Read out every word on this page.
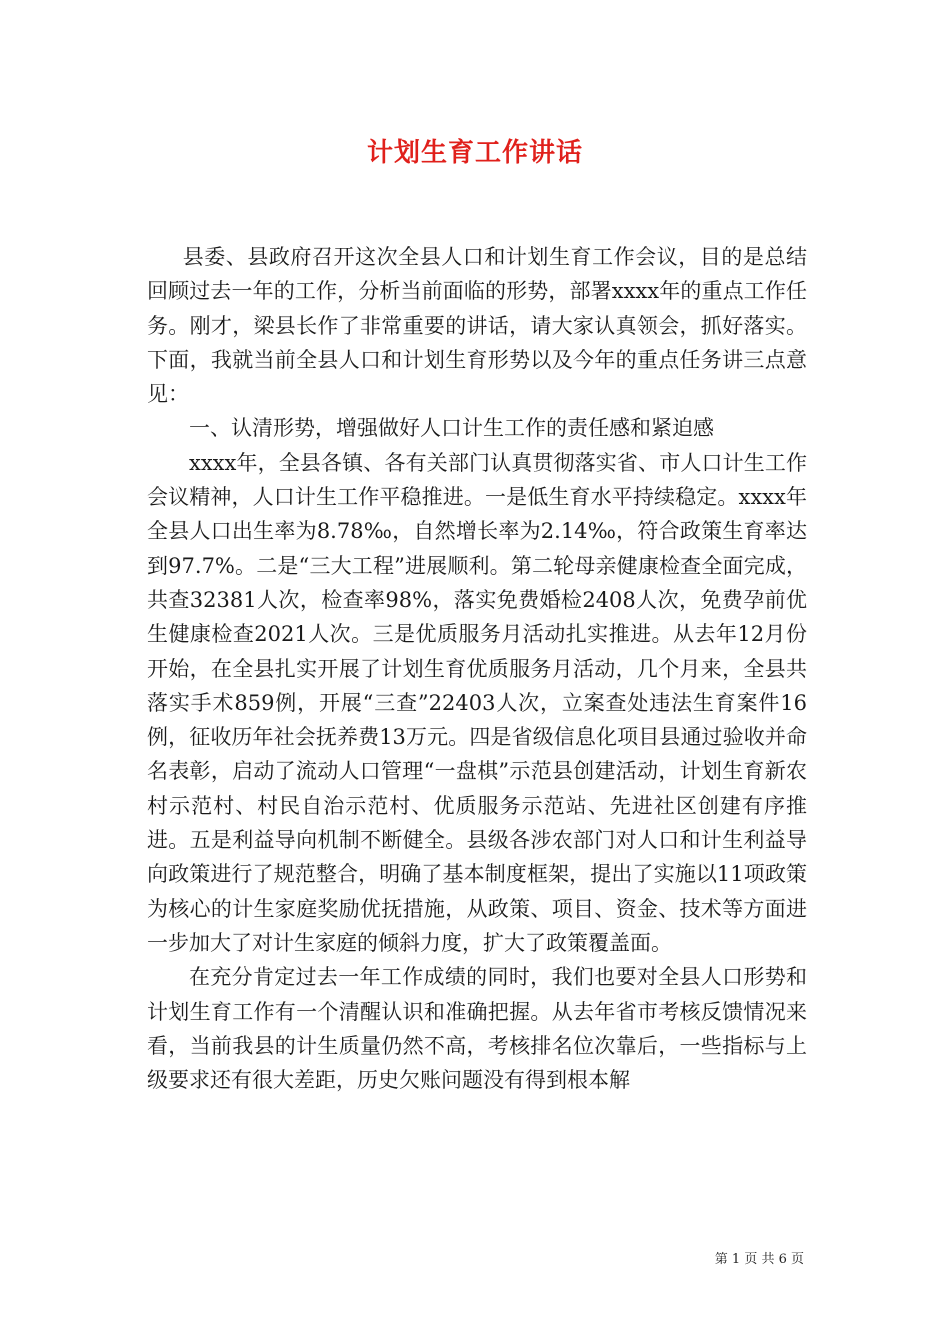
计划生育工作讲话

县委、县政府召开这次全县人口和计划生育工作会议，目的是总结回顾过去一年的工作，分析当前面临的形势，部署xxxx年的重点工作任务。刚才，梁县长作了非常重要的讲话，请大家认真领会，抓好落实。下面，我就当前全县人口和计划生育形势以及今年的重点任务讲三点意见：

一、认清形势，增强做好人口计生工作的责任感和紧迫感

xxxx年，全县各镇、各有关部门认真贯彻落实省、市人口计生工作会议精神，人口计生工作平稳推进。一是低生育水平持续稳定。xxxx年全县人口出生率为8.78‰，自然增长率为2.14‰，符合政策生育率达到97.7%。二是“三大工程”进展顺利。第二轮母亲健康检查全面完成，共查32381人次，检查率98%，落实免费婚检2408人次，免费孕前优生健康检查2021人次。三是优质服务月活动扎实推进。从去年12月份开始，在全县扎实开展了计划生育优质服务月活动，几个月来，全县共落实手术859例，开展“三查”22403人次，立案查处违法生育案件16例，征收历年社会抚养费13万元。四是省级信息化项目县通过验收并命名表彰，启动了流动人口管理“一盘棋”示范县创建活动，计划生育新农村示范村、村民自治示范村、优质服务示范站、先进社区创建有序推进。五是利益导向机制不断健全。县级各涉农部门对人口和计生利益导向政策进行了规范整合，明确了基本制度框架，提出了实施以11项政策为核心的计生家庭奖励优抚措施，从政策、项目、资金、技术等方面进一步加大了对计生家庭的倾斜力度，扩大了政策覆盖面。

在充分肯定过去一年工作成绩的同时，我们也要对全县人口形势和计划生育工作有一个清醒认识和准确把握。从去年省市考核反馈情况来看，当前我县的计生质量仍然不高，考核排名位次靠后，一些指标与上级要求还有很大差距，历史欠账问题没有得到根本解

第 1 页 共 6 页
